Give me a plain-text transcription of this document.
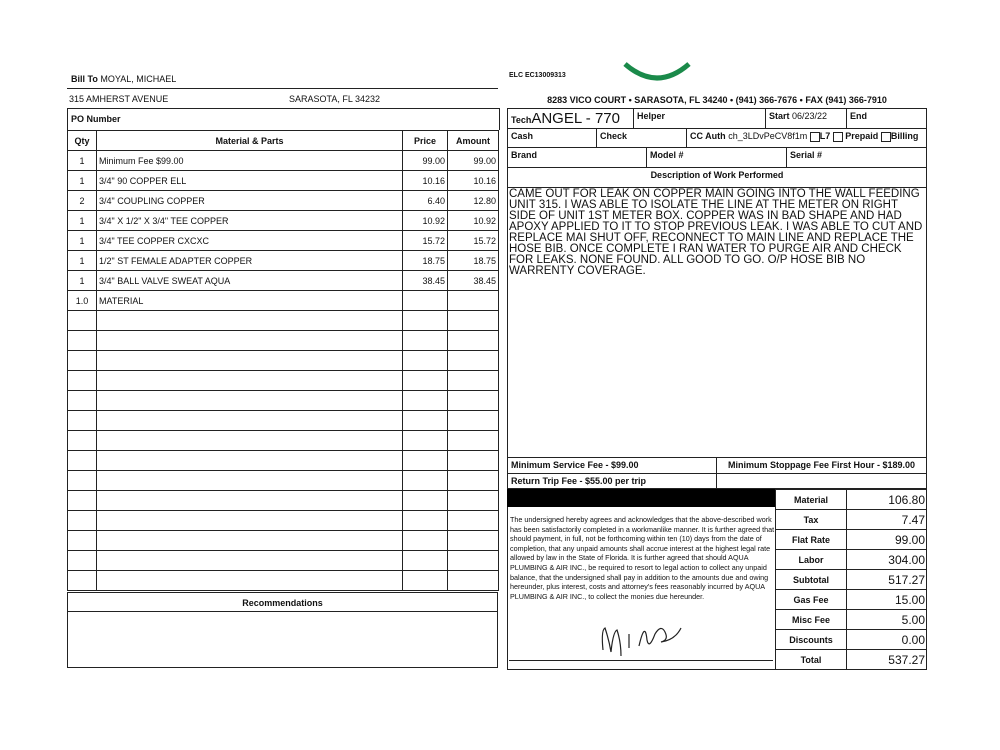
Bill To MOYAL, MICHAEL
315 AMHERST AVENUE	SARASOTA, FL 34232
PO Number
Qty	Material & Parts	Price	Amount
1	Minimum Fee $99.00	99.00	99.00
1	3/4" 90 COPPER ELL	10.16	10.16
2	3/4" COUPLING COPPER	6.40	12.80
1	3/4" X 1/2" X 3/4" TEE COPPER	10.92	10.92
1	3/4" TEE COPPER CXCXC	15.72	15.72
1	1/2" ST FEMALE ADAPTER COPPER	18.75	18.75
1	3/4" BALL VALVE SWEAT AQUA	38.45	38.45
1.0	MATERIAL		

Recommendations
ELC EC13009313
8283 VICO COURT • SARASOTA, FL 34240 • (941) 366-7676 • FAX (941) 366-7910
TechANGEL - 770	Helper	Start 06/23/22	End
Cash	Check	CC Auth ch_3LDvPeCV8f1m L7 Prepaid Billing
Brand	Model #	Serial #
Description of Work Performed
CAME OUT FOR LEAK ON COPPER MAIN GOING INTO THE WALL FEEDING UNIT 315. I WAS ABLE TO ISOLATE THE LINE AT THE METER ON RIGHT SIDE OF UNIT 1ST METER BOX. COPPER WAS IN BAD SHAPE AND HAD APOXY APPLIED TO IT TO STOP PREVIOUS LEAK. I WAS ABLE TO CUT AND REPLACE MAI SHUT OFF, RECONNECT TO MAIN LINE AND REPLACE THE HOSE BIB. ONCE COMPLETE I RAN WATER TO PURGE AIR AND CHECK FOR LEAKS. NONE FOUND. ALL GOOD TO GO. O/P HOSE BIB NO WARRENTY COVERAGE.
Minimum Service Fee - $99.00	Minimum Stoppage Fee First Hour - $189.00
Return Trip Fee - $55.00 per trip
The undersigned hereby agrees and acknowledges that the above-described work has been satisfactorily completed in a workmanlike manner. It is further agreed that should payment, in full, not be forthcoming within ten (10) days from the date of completion, that any unpaid amounts shall accrue interest at the highest legal rate allowed by law in the State of Florida. It is further agreed that should AQUA PLUMBING & AIR INC., be required to resort to legal action to collect any unpaid balance, that the undersigned shall pay in addition to the amounts due and owing hereunder, plus interest, costs and attorney's fees reasonably incurred by AQUA PLUMBING & AIR INC., to collect the monies due hereunder.
Material	106.80
Tax	7.47
Flat Rate	99.00
Labor	304.00
Subtotal	517.27
Gas Fee	15.00
Misc Fee	5.00
Discounts	0.00
Total	537.27
